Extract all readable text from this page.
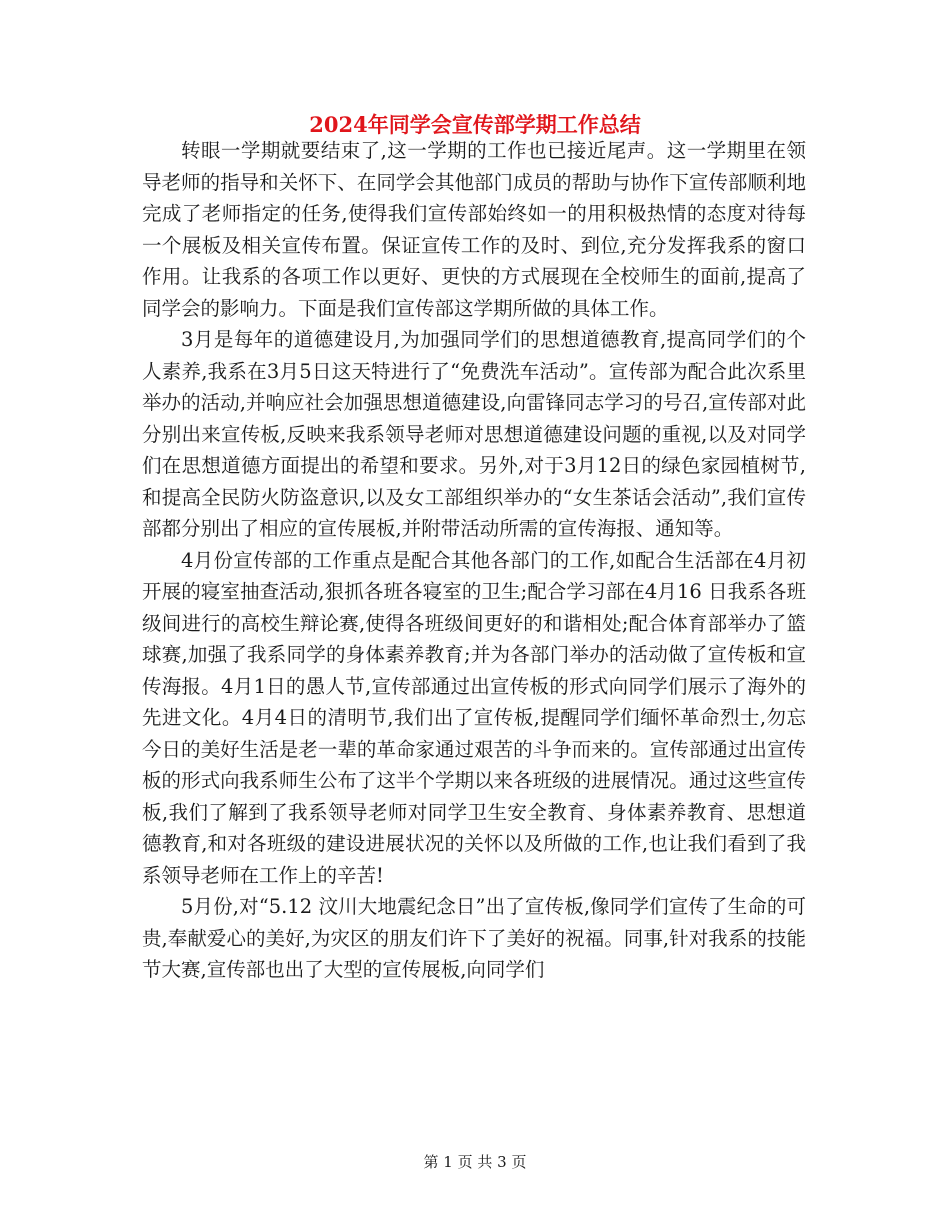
2024年同学会宣传部学期工作总结

转眼一学期就要结束了,这一学期的工作也已接近尾声。这一学期里在领导老师的指导和关怀下、在同学会其他部门成员的帮助与协作下宣传部顺利地完成了老师指定的任务,使得我们宣传部始终如一的用积极热情的态度对待每一个展板及相关宣传布置。保证宣传工作的及时、到位,充分发挥我系的窗口作用。让我系的各项工作以更好、更快的方式展现在全校师生的面前,提高了同学会的影响力。下面是我们宣传部这学期所做的具体工作。

3月是每年的道德建设月,为加强同学们的思想道德教育,提高同学们的个人素养,我系在3月5日这天特进行了“免费洗车活动”。宣传部为配合此次系里举办的活动,并响应社会加强思想道德建设,向雷锋同志学习的号召,宣传部对此分别出来宣传板,反映来我系领导老师对思想道德建设问题的重视,以及对同学们在思想道德方面提出的希望和要求。另外,对于3月12日的绿色家园植树节,和提高全民防火防盗意识,以及女工部组织举办的“女生茶话会活动”,我们宣传部都分别出了相应的宣传展板,并附带活动所需的宣传海报、通知等。

4月份宣传部的工作重点是配合其他各部门的工作,如配合生活部在4月初开展的寝室抽查活动,狠抓各班各寝室的卫生;配合学习部在4月16 日我系各班级间进行的高校生辩论赛,使得各班级间更好的和谐相处;配合体育部举办了篮球赛,加强了我系同学的身体素养教育;并为各部门举办的活动做了宣传板和宣传海报。4月1日的愚人节,宣传部通过出宣传板的形式向同学们展示了海外的先进文化。4月4日的清明节,我们出了宣传板,提醒同学们缅怀革命烈士,勿忘今日的美好生活是老一辈的革命家通过艰苦的斗争而来的。宣传部通过出宣传板的形式向我系师生公布了这半个学期以来各班级的进展情况。通过这些宣传板,我们了解到了我系领导老师对同学卫生安全教育、身体素养教育、思想道德教育,和对各班级的建设进展状况的关怀以及所做的工作,也让我们看到了我系领导老师在工作上的辛苦!

5月份,对“5.12 汶川大地震纪念日”出了宣传板,像同学们宣传了生命的可贵,奉献爱心的美好,为灾区的朋友们许下了美好的祝福。同事,针对我系的技能节大赛,宣传部也出了大型的宣传展板,向同学们

第 1 页 共 3 页
